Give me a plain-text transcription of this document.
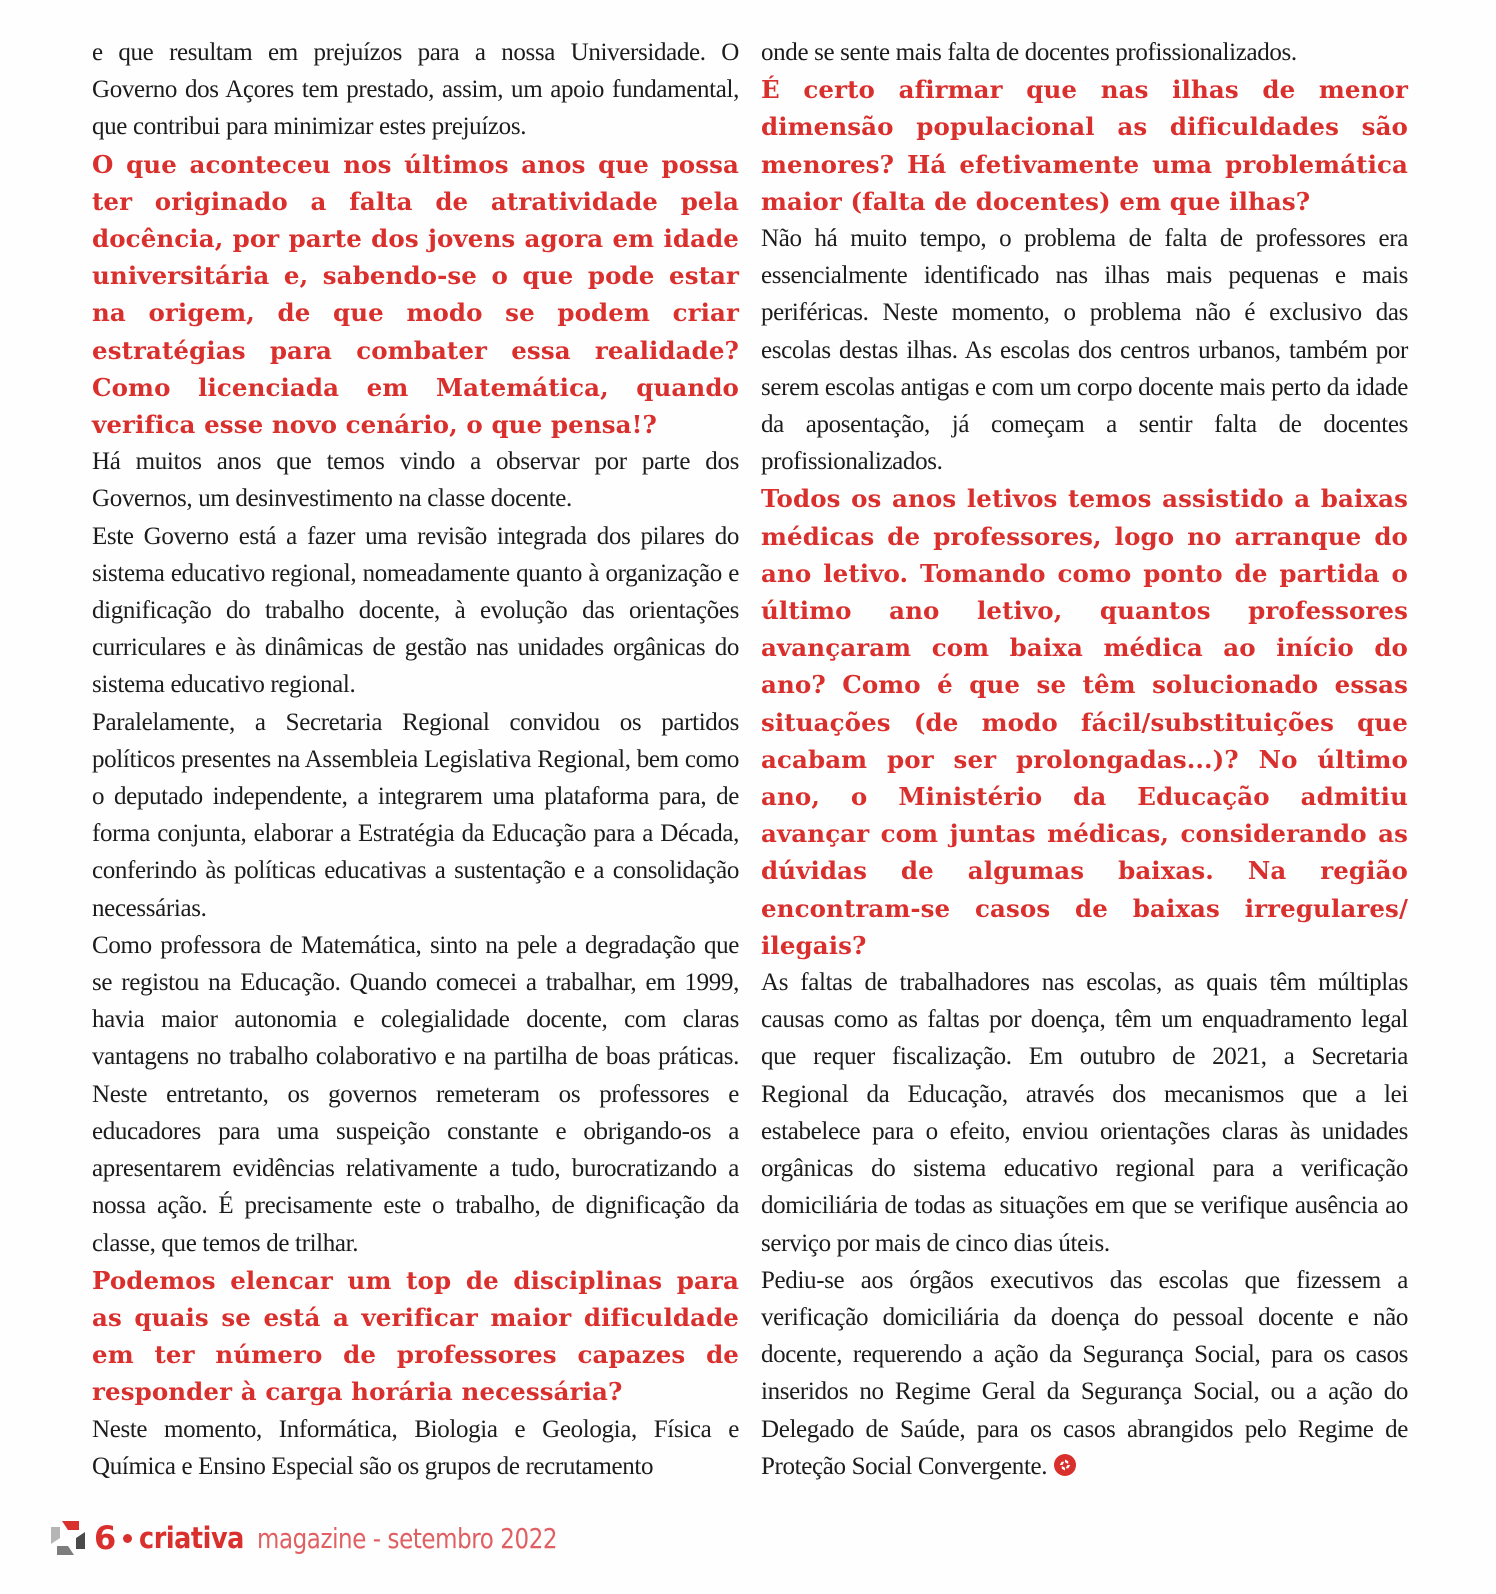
e que resultam em prejuízos para a nossa Universidade. O Governo dos Açores tem prestado, assim, um apoio fundamental, que contribui para minimizar estes prejuízos.

O que aconteceu nos últimos anos que possa ter originado a falta de atratividade pela docência, por parte dos jovens agora em idade universitária e, sabendo-se o que pode estar na origem, de que modo se podem criar estratégias para combater essa realidade? Como licenciada em Matemática, quando verifica esse novo cenário, o que pensa!?

Há muitos anos que temos vindo a observar por parte dos Governos, um desinvestimento na classe docente.

Este Governo está a fazer uma revisão integrada dos pilares do sistema educativo regional, nomeadamente quanto à organização e dignificação do trabalho docente, à evolução das orientações curriculares e às dinâmicas de gestão nas unidades orgânicas do sistema educativo regional.

Paralelamente, a Secretaria Regional convidou os partidos políticos presentes na Assembleia Legislativa Regional, bem como o deputado independente, a integrarem uma plataforma para, de forma conjunta, elaborar a Estratégia da Educação para a Década, conferindo às políticas educativas a sustentação e a consolidação necessárias.

Como professora de Matemática, sinto na pele a degradação que se registou na Educação. Quando comecei a trabalhar, em 1999, havia maior autonomia e colegialidade docente, com claras vantagens no trabalho colaborativo e na partilha de boas práticas. Neste entretanto, os governos remeteram os professores e educadores para uma suspeição constante e obrigando-os a apresentarem evidências relativamente a tudo, burocratizando a nossa ação. É precisamente este o trabalho, de dignificação da classe, que temos de trilhar.

Podemos elencar um top de disciplinas para as quais se está a verificar maior dificuldade em ter número de professores capazes de responder à carga horária necessária?

Neste momento, Informática, Biologia e Geologia, Física e Química e Ensino Especial são os grupos de recrutamento

onde se sente mais falta de docentes profissionalizados.

É certo afirmar que nas ilhas de menor dimensão populacional as dificuldades são menores? Há efetivamente uma problemática maior (falta de docentes) em que ilhas?

Não há muito tempo, o problema de falta de professores era essencialmente identificado nas ilhas mais pequenas e mais periféricas. Neste momento, o problema não é exclusivo das escolas destas ilhas. As escolas dos centros urbanos, também por serem escolas antigas e com um corpo docente mais perto da idade da aposentação, já começam a sentir falta de docentes profissionalizados.

Todos os anos letivos temos assistido a baixas médicas de professores, logo no arranque do ano letivo. Tomando como ponto de partida o último ano letivo, quantos professores avançaram com baixa médica ao início do ano? Como é que se têm solucionado essas situações (de modo fácil/substituições que acabam por ser prolongadas...)? No último ano, o Ministério da Educação admitiu avançar com juntas médicas, considerando as dúvidas de algumas baixas. Na região encontram-se casos de baixas irregulares/ ilegais?

As faltas de trabalhadores nas escolas, as quais têm múltiplas causas como as faltas por doença, têm um enquadramento legal que requer fiscalização. Em outubro de 2021, a Secretaria Regional da Educação, através dos mecanismos que a lei estabelece para o efeito, enviou orientações claras às unidades orgânicas do sistema educativo regional para a verificação domiciliária de todas as situações em que se verifique ausência ao serviço por mais de cinco dias úteis.

Pediu-se aos órgãos executivos das escolas que fizessem a verificação domiciliária da doença do pessoal docente e não docente, requerendo a ação da Segurança Social, para os casos inseridos no Regime Geral da Segurança Social, ou a ação do Delegado de Saúde, para os casos abrangidos pelo Regime de Proteção Social Convergente.

6 criativa magazine - setembro 2022
